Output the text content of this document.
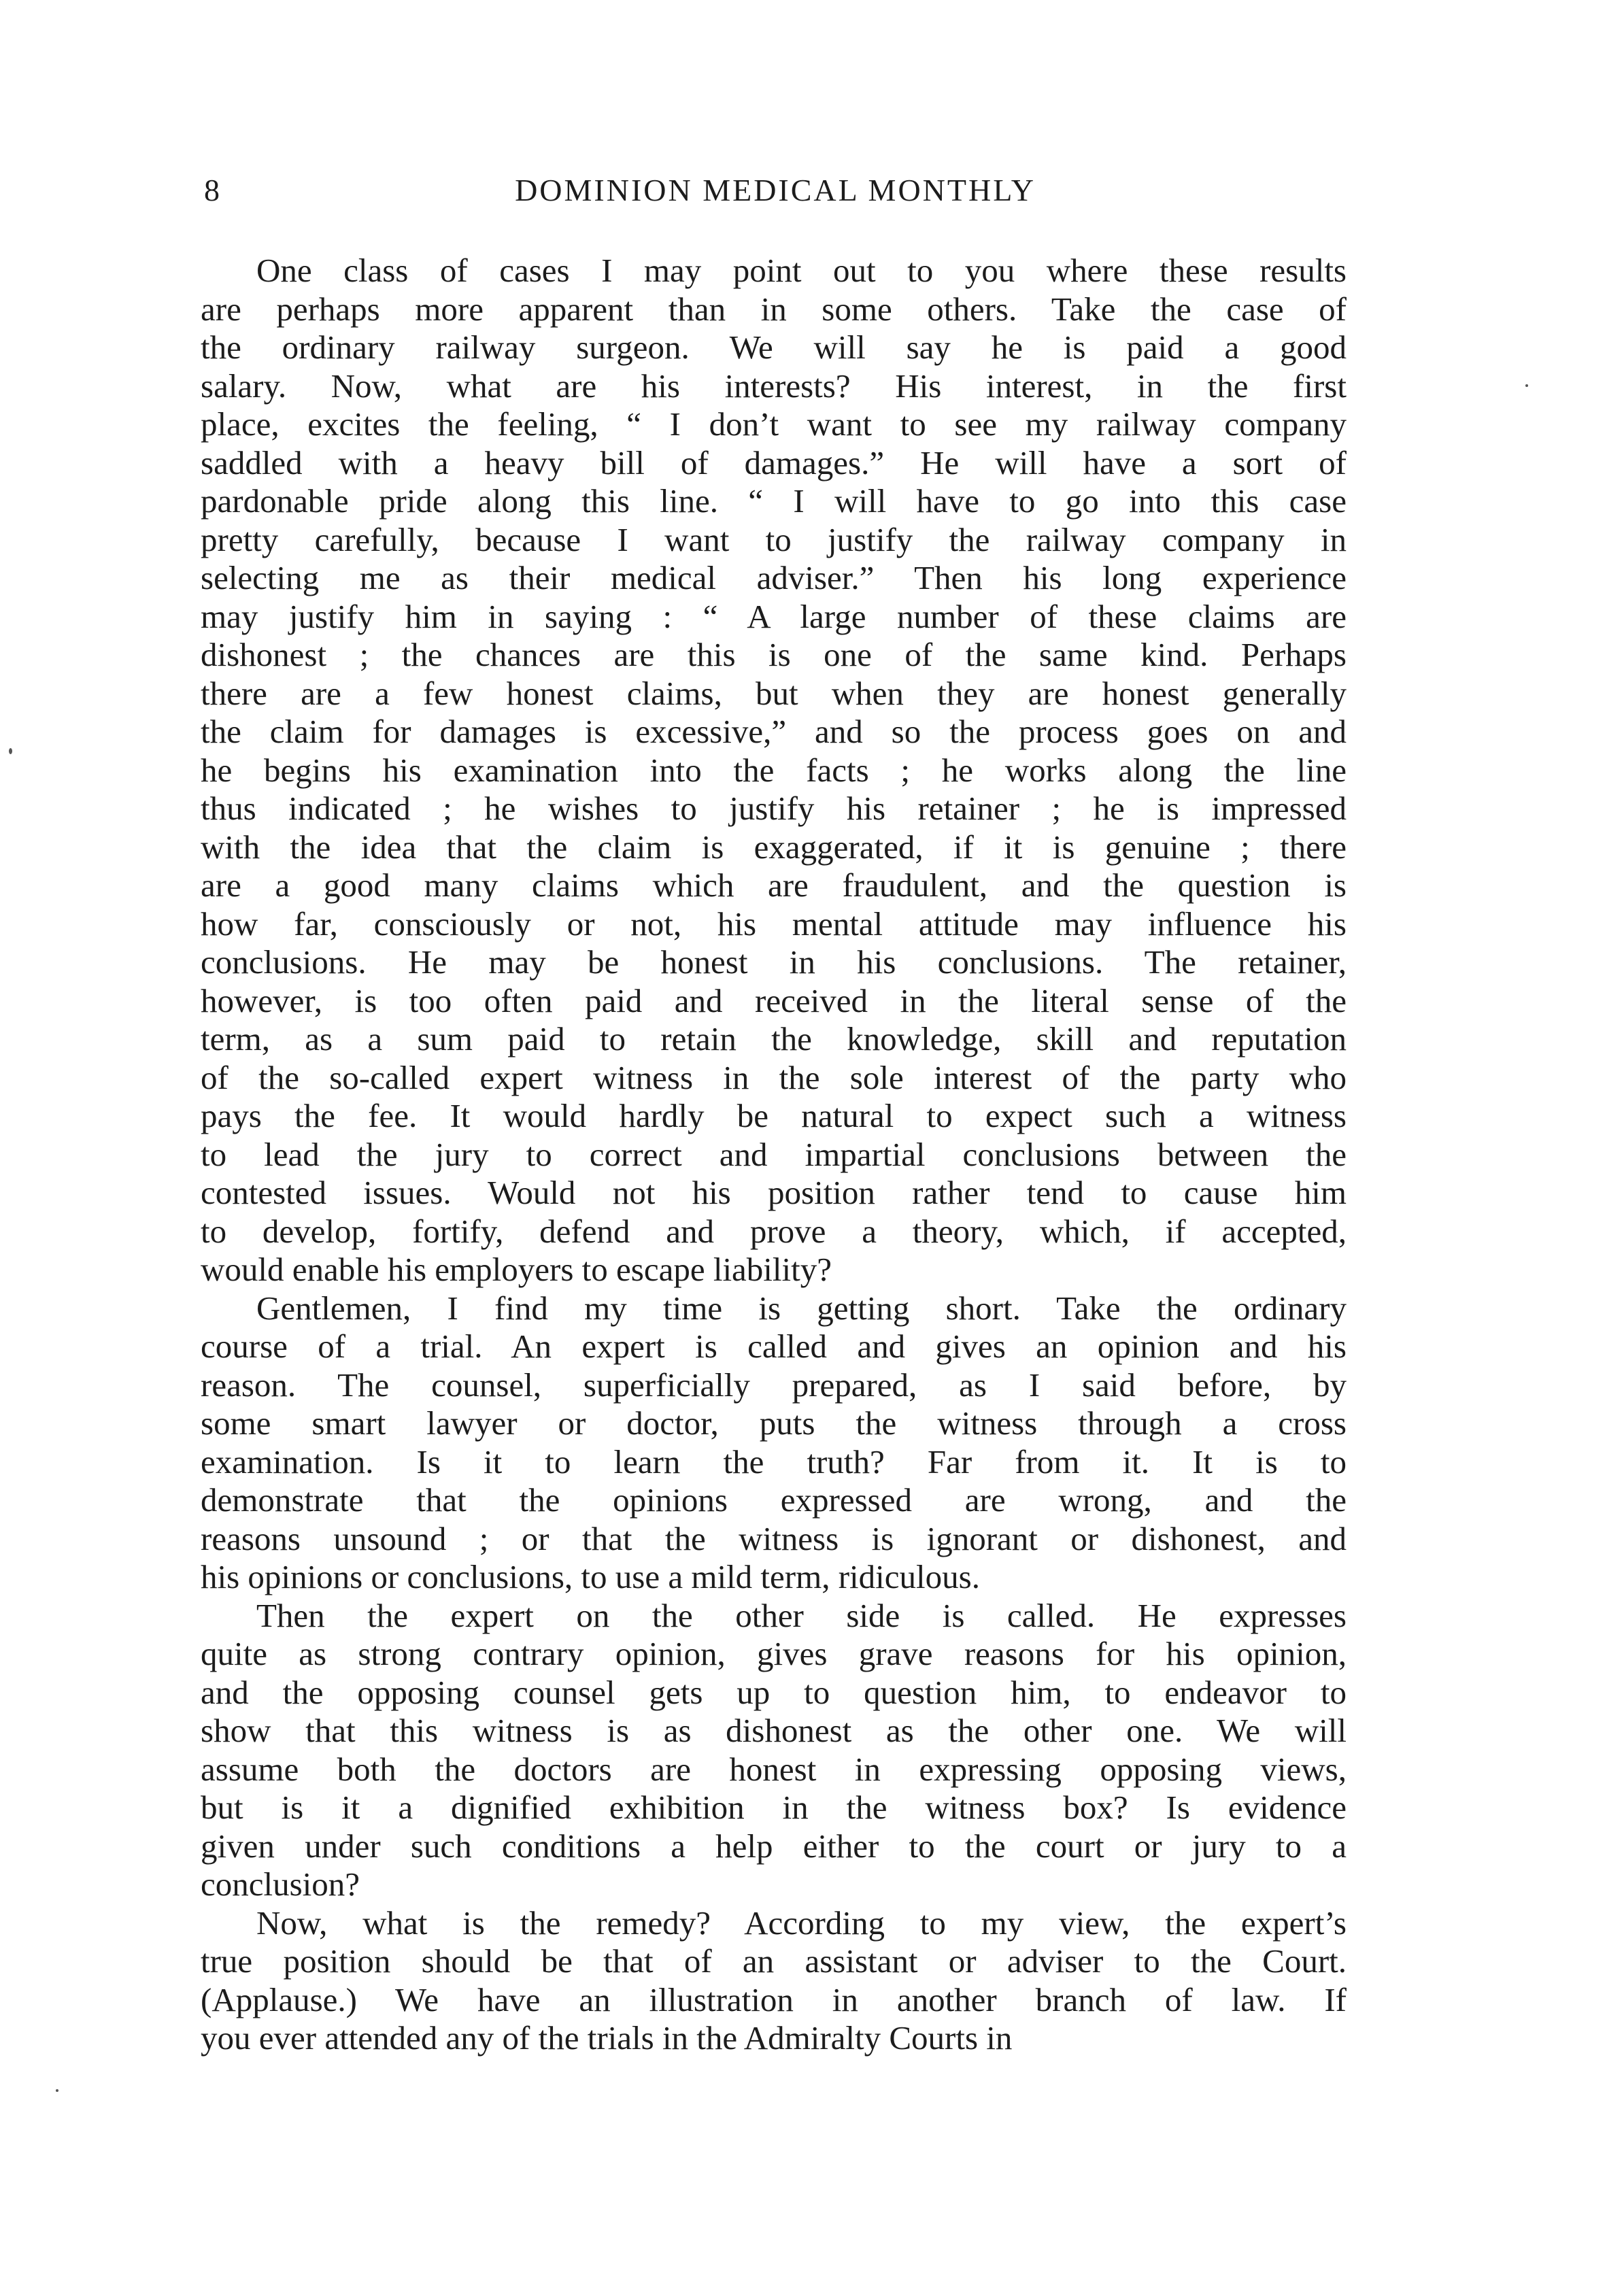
8	DOMINION MEDICAL MONTHLY
One class of cases I may point out to you where these results
are perhaps more apparent than in some others. Take the case of
the ordinary railway surgeon. We will say he is paid a good
salary. Now, what are his interests? His interest, in the first
place, excites the feeling, “ I don’t want to see my railway company
saddled with a heavy bill of damages.” He will have a sort of
pardonable pride along this line. “ I will have to go into this case
pretty carefully, because I want to justify the railway company in
selecting me as their medical adviser.” Then his long experience
may justify him in saying : “ A large number of these claims are
dishonest ; the chances are this is one of the same kind. Perhaps
there are a few honest claims, but when they are honest generally
the claim for damages is excessive,” and so the process goes on and
he begins his examination into the facts ; he works along the line
thus indicated ; he wishes to justify his retainer ; he is impressed
with the idea that the claim is exaggerated, if it is genuine ; there
are a good many claims which are fraudulent, and the question is
how far, consciously or not, his mental attitude may influence his
conclusions. He may be honest in his conclusions. The retainer,
however, is too often paid and received in the literal sense of the
term, as a sum paid to retain the knowledge, skill and reputation
of the so-called expert witness in the sole interest of the party who
pays the fee. It would hardly be natural to expect such a witness
to lead the jury to correct and impartial conclusions between the
contested issues. Would not his position rather tend to cause him
to develop, fortify, defend and prove a theory, which, if accepted,
would enable his employers to escape liability?
Gentlemen, I find my time is getting short. Take the ordinary
course of a trial. An expert is called and gives an opinion and his
reason. The counsel, superficially prepared, as I said before, by
some smart lawyer or doctor, puts the witness through a cross
examination. Is it to learn the truth? Far from it. It is to
demonstrate that the opinions expressed are wrong, and the
reasons unsound ; or that the witness is ignorant or dishonest, and
his opinions or conclusions, to use a mild term, ridiculous.
Then the expert on the other side is called. He expresses
quite as strong contrary opinion, gives grave reasons for his opinion,
and the opposing counsel gets up to question him, to endeavor to
show that this witness is as dishonest as the other one. We will
assume both the doctors are honest in expressing opposing views,
but is it a dignified exhibition in the witness box? Is evidence
given under such conditions a help either to the court or jury to a
conclusion?
Now, what is the remedy? According to my view, the expert’s
true position should be that of an assistant or adviser to the Court.
(Applause.) We have an illustration in another branch of law. If
you ever attended any of the trials in the Admiralty Courts in
